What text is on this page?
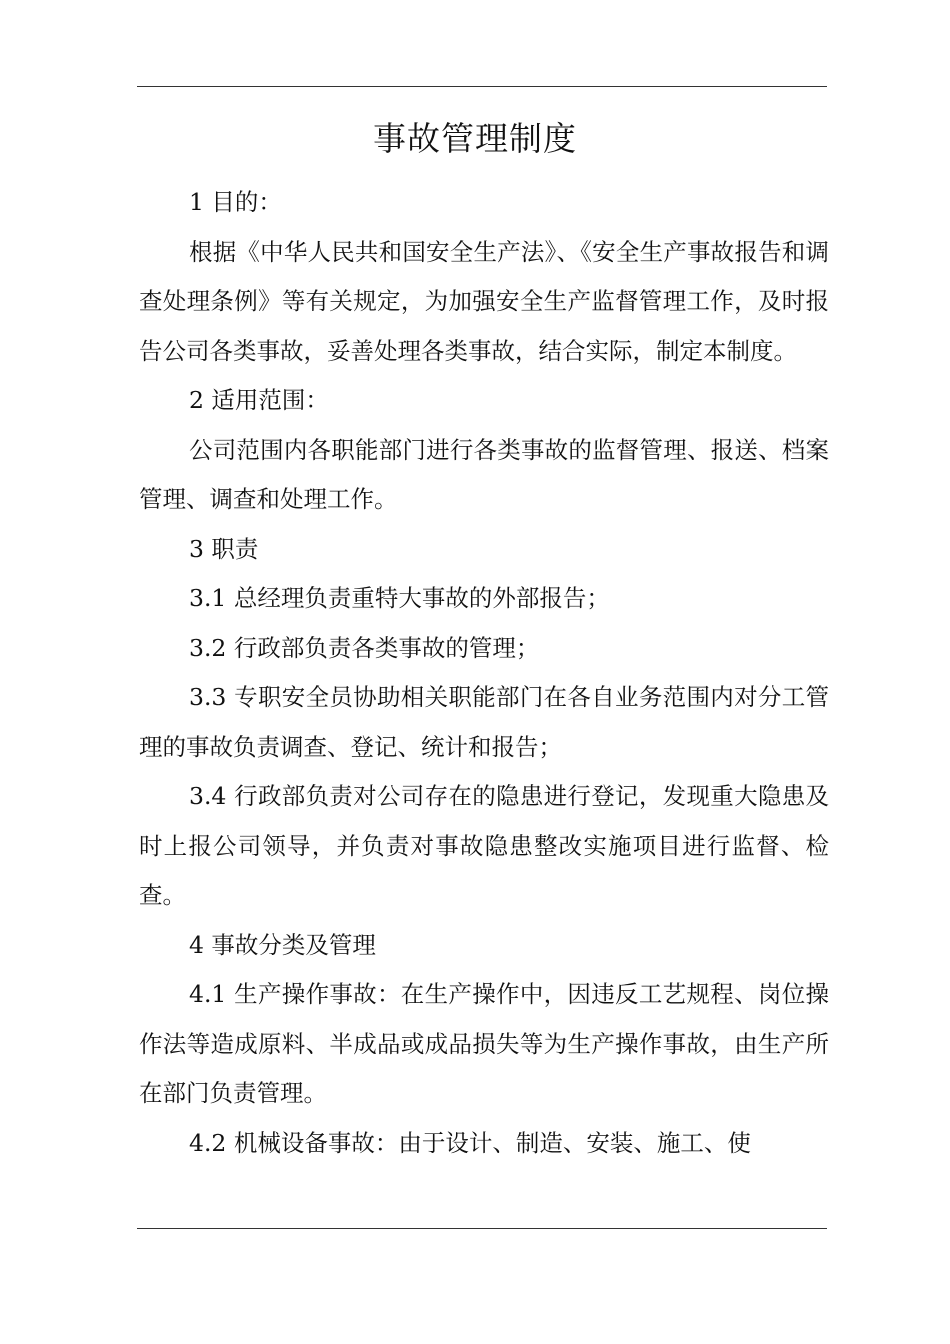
事故管理制度

1 目的：

根据《中华人民共和国安全生产法》、《安全生产事故报告和调查处理条例》等有关规定，为加强安全生产监督管理工作，及时报告公司各类事故，妥善处理各类事故，结合实际，制定本制度。

2 适用范围：

公司范围内各职能部门进行各类事故的监督管理、报送、档案管理、调查和处理工作。

3 职责

3.1 总经理负责重特大事故的外部报告；

3.2 行政部负责各类事故的管理；

3.3 专职安全员协助相关职能部门在各自业务范围内对分工管理的事故负责调查、登记、统计和报告；

3.4 行政部负责对公司存在的隐患进行登记，发现重大隐患及时上报公司领导，并负责对事故隐患整改实施项目进行监督、检查。

4 事故分类及管理

4.1 生产操作事故：在生产操作中，因违反工艺规程、岗位操作法等造成原料、半成品或成品损失等为生产操作事故，由生产所在部门负责管理。

4.2 机械设备事故：由于设计、制造、安装、施工、使
